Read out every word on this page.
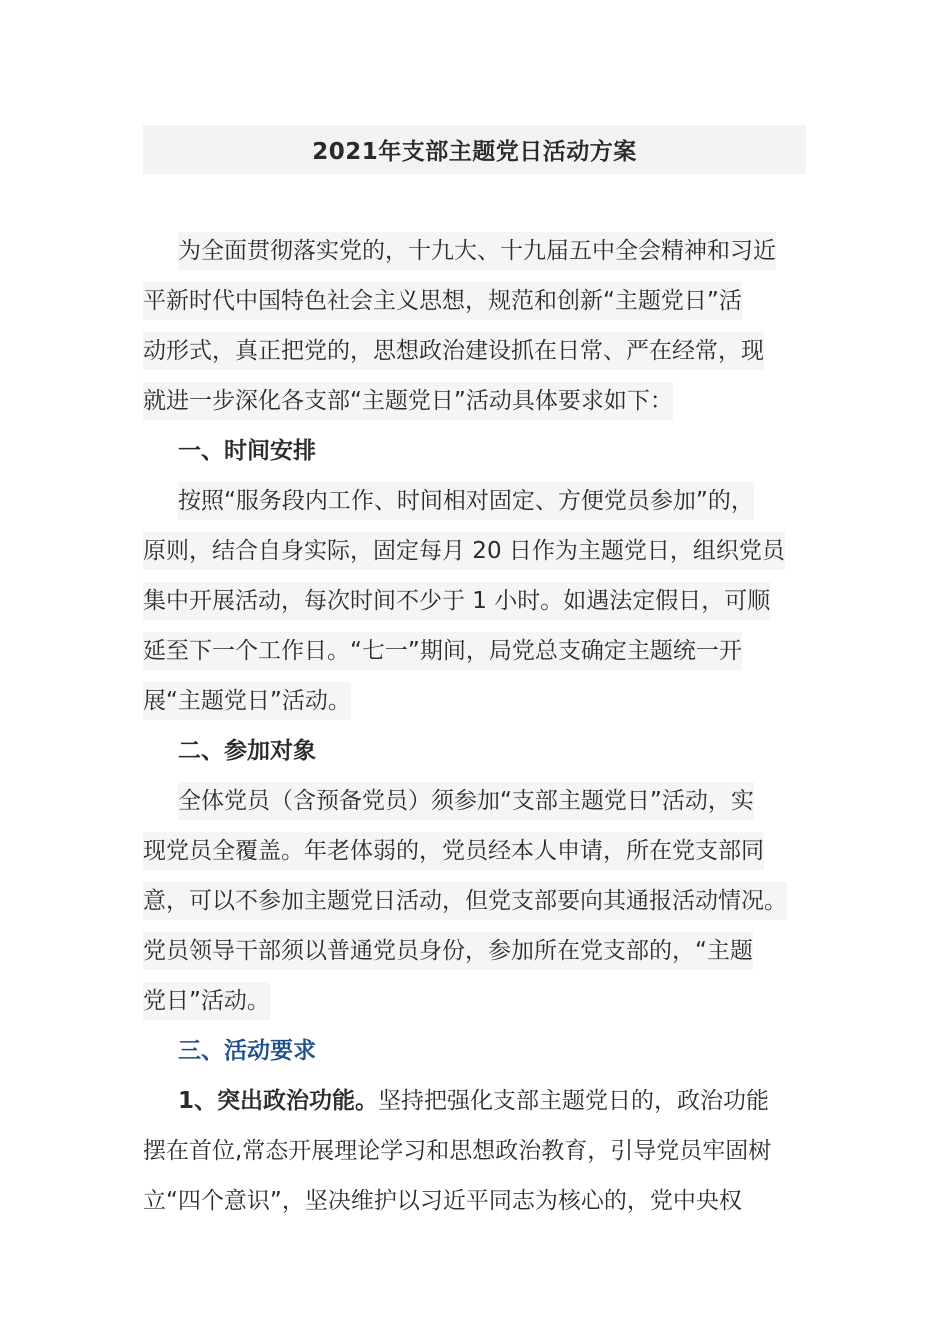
2021年支部主题党日活动方案
为全面贯彻落实党的，十九大、十九届五中全会精神和习近
平新时代中国特色社会主义思想，规范和创新“主题党日”活
动形式，真正把党的，思想政治建设抓在日常、严在经常，现
就进一步深化各支部“主题党日”活动具体要求如下：
一、时间安排
按照“服务段内工作、时间相对固定、方便党员参加”的，
原则，结合自身实际，固定每月 20 日作为主题党日，组织党员
集中开展活动，每次时间不少于 1 小时。如遇法定假日，可顺
延至下一个工作日。“七一”期间，局党总支确定主题统一开
展“主题党日”活动。
二、参加对象
全体党员（含预备党员）须参加“支部主题党日”活动，实
现党员全覆盖。年老体弱的，党员经本人申请，所在党支部同
意，可以不参加主题党日活动，但党支部要向其通报活动情况。
党员领导干部须以普通党员身份，参加所在党支部的，“主题
党日”活动。
三、活动要求
1、突出政治功能。坚持把强化支部主题党日的，政治功能
摆在首位,常态开展理论学习和思想政治教育，引导党员牢固树
立“四个意识”，坚决维护以习近平同志为核心的，党中央权
